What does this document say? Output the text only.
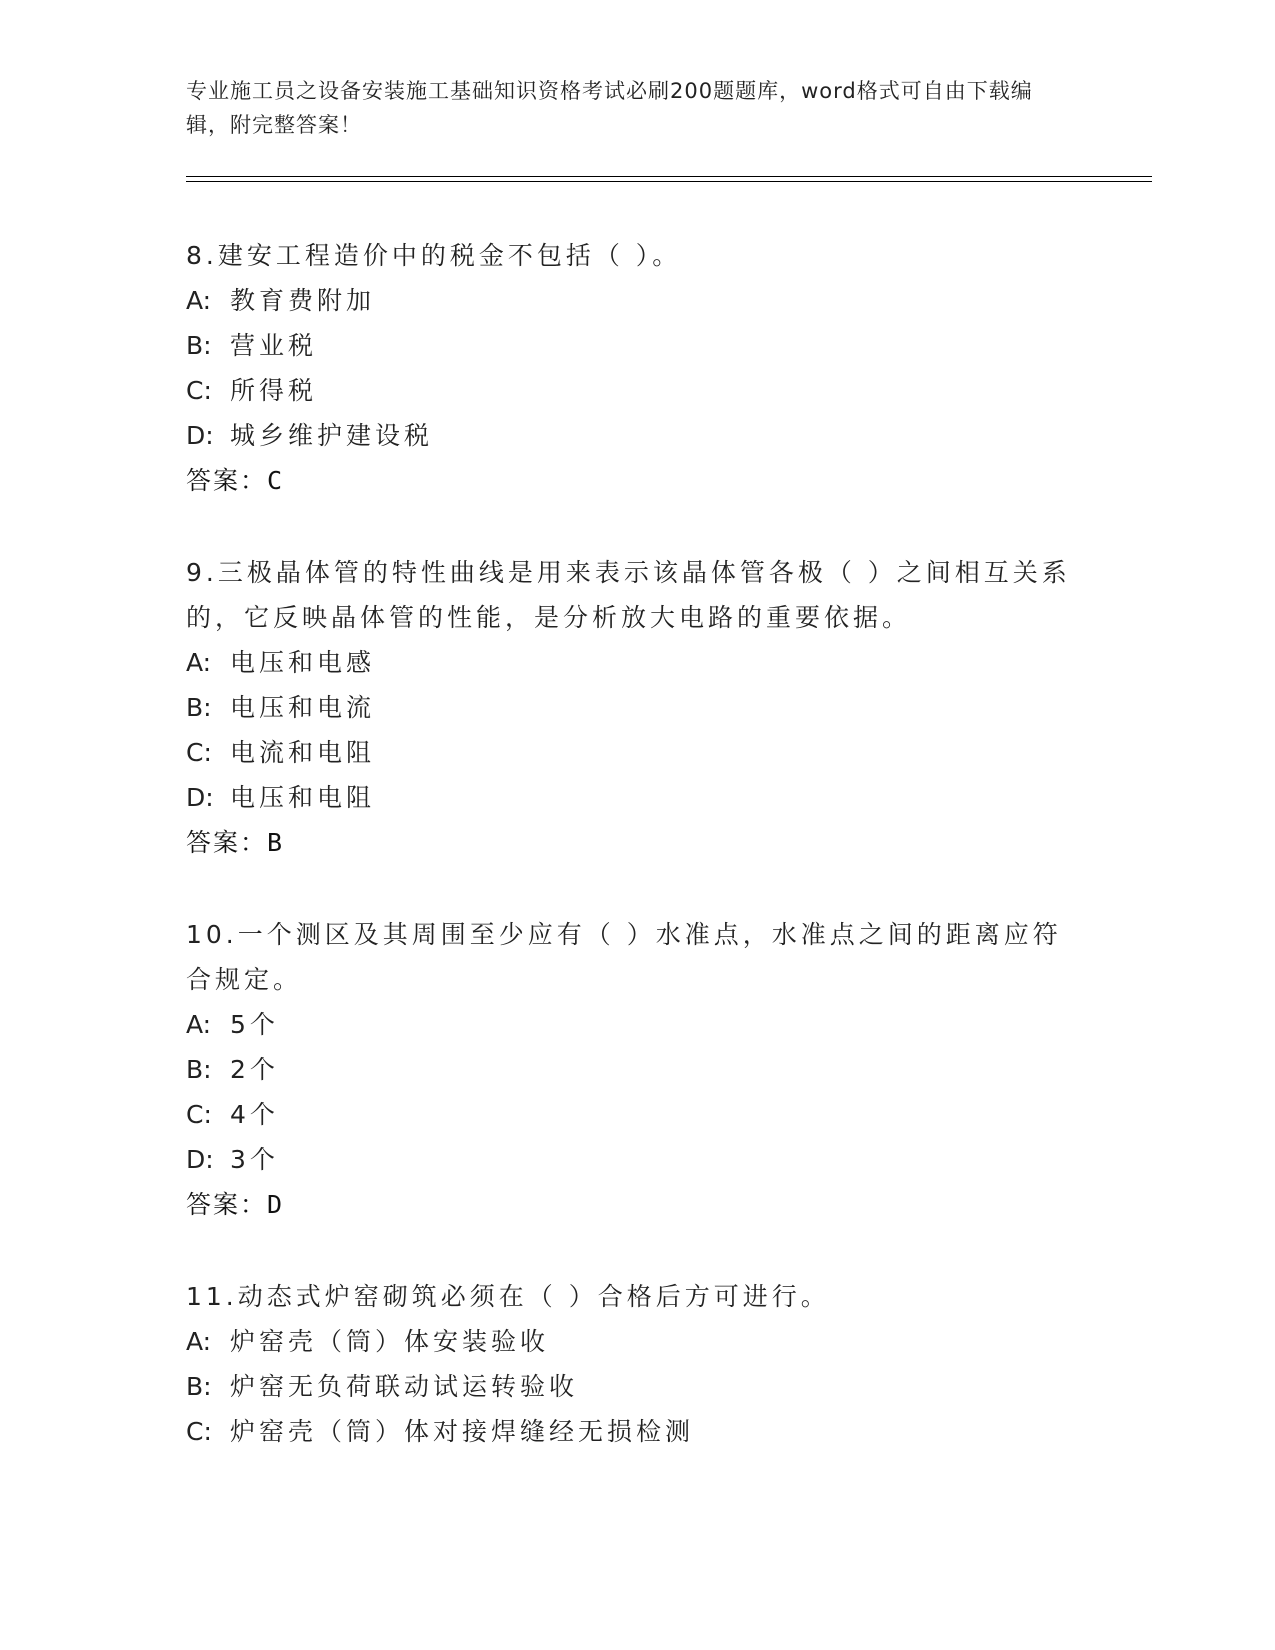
专业施工员之设备安装施工基础知识资格考试必刷200题题库，word格式可自由下载编辑，附完整答案！

8.建安工程造价中的税金不包括（ ）。

A: 教育费附加

B: 营业税

C: 所得税

D: 城乡维护建设税

答案：C

9.三极晶体管的特性曲线是用来表示该晶体管各极（ ）之间相互关系的，它反映晶体管的性能，是分析放大电路的重要依据。

A: 电压和电感

B: 电压和电流

C: 电流和电阻

D: 电压和电阻

答案：B

10.一个测区及其周围至少应有（ ）水准点，水准点之间的距离应符合规定。

A: 5个

B: 2个

C: 4个

D: 3个

答案：D

11.动态式炉窑砌筑必须在（ ）合格后方可进行。

A: 炉窑壳（筒）体安装验收

B: 炉窑无负荷联动试运转验收

C: 炉窑壳（筒）体对接焊缝经无损检测
